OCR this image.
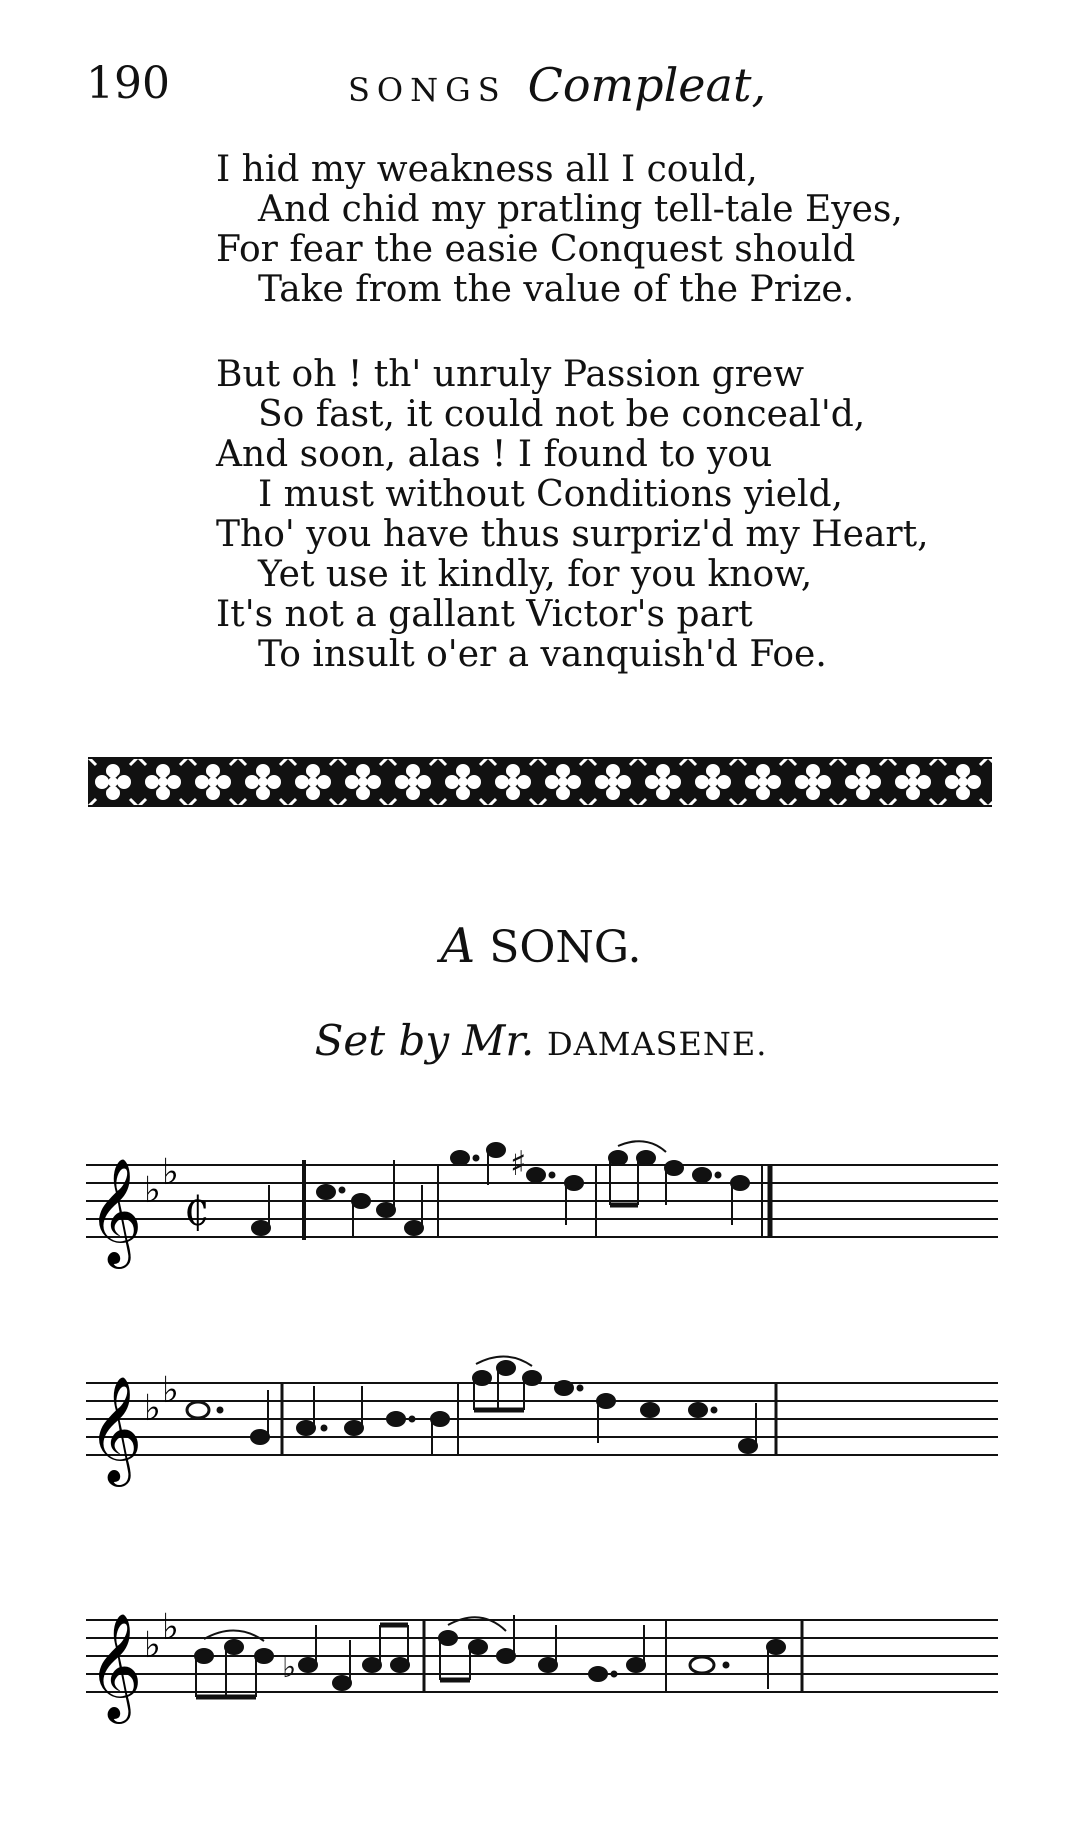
190	SONGS Compleat,
I hid my weakness all I could,
And chid my pratling tell-tale Eyes,
For fear the easie Conquest should
Take from the value of the Prize.
But oh ! th' unruly Passion grew
So fast, it could not be conceal'd,
And soon, alas ! I found to you
I must without Conditions yield,
Tho' you have thus surpriz'd my Heart,
Yet use it kindly, for you know,
It's not a gallant Victor's part
To insult o'er a vanquish'd Foe.
A SONG.
Set by Mr. DAMASENE.
𝄞 ♭ ♭
₵
♯
𝄞 ♭ ♭
𝄞 ♭ ♭
♭
